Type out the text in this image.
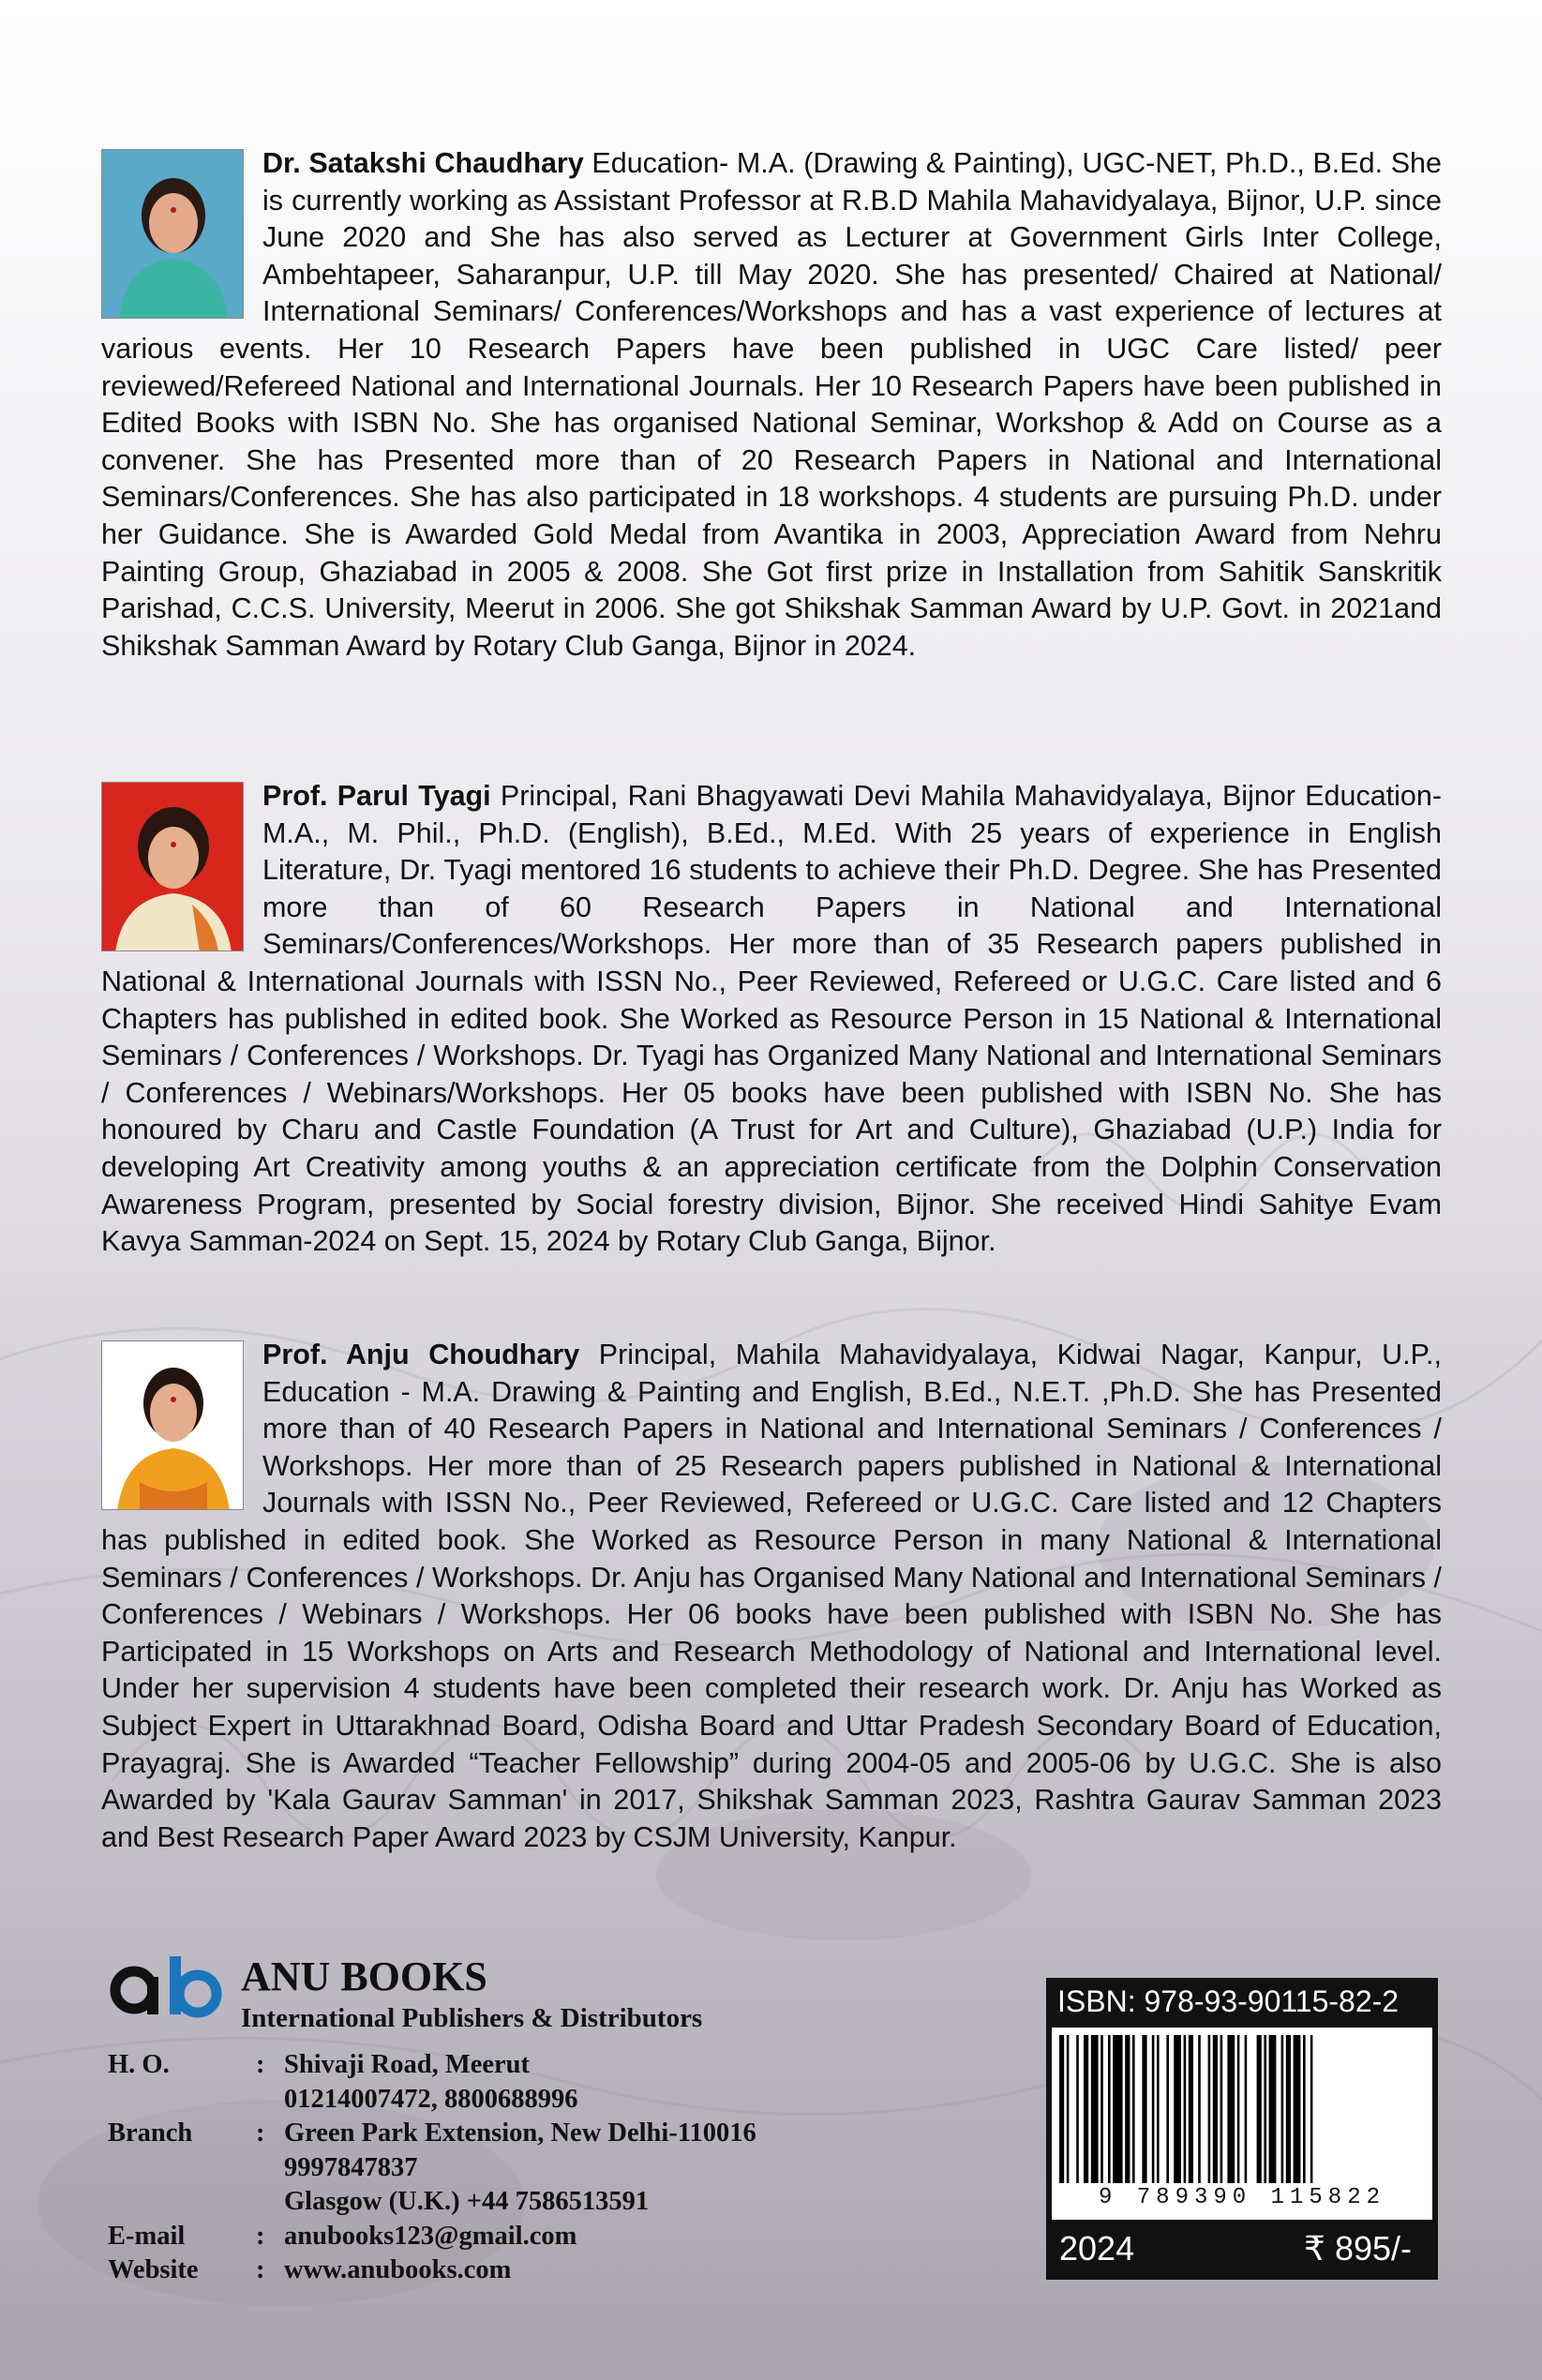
Dr. Satakshi Chaudhary Education- M.A. (Drawing & Painting), UGC-NET, Ph.D., B.Ed. She is currently working as Assistant Professor at R.B.D Mahila Mahavidyalaya, Bijnor, U.P. since June 2020 and She has also served as Lecturer at Government Girls Inter College, Ambehtapeer, Saharanpur, U.P. till May 2020. She has presented/ Chaired at National/ International Seminars/ Conferences/Workshops and has a vast experience of lectures at various events. Her 10 Research Papers have been published in UGC Care listed/ peer reviewed/Refereed National and International Journals. Her 10 Research Papers have been published in Edited Books with ISBN No. She has organised National Seminar, Workshop & Add on Course as a convener. She has Presented more than of 20 Research Papers in National and International Seminars/Conferences. She has also participated in 18 workshops. 4 students are pursuing Ph.D. under her Guidance. She is Awarded Gold Medal from Avantika in 2003, Appreciation Award from Nehru Painting Group, Ghaziabad in 2005 & 2008. She Got first prize in Installation from Sahitik Sanskritik Parishad, C.C.S. University, Meerut in 2006. She got Shikshak Samman Award by U.P. Govt. in 2021and Shikshak Samman Award by Rotary Club Ganga, Bijnor in 2024.
Prof. Parul Tyagi Principal, Rani Bhagyawati Devi Mahila Mahavidyalaya, Bijnor Education- M.A., M. Phil., Ph.D. (English), B.Ed., M.Ed. With 25 years of experience in English Literature, Dr. Tyagi mentored 16 students to achieve their Ph.D. Degree. She has Presented more than of 60 Research Papers in National and International Seminars/Conferences/Workshops. Her more than of 35 Research papers published in National & International Journals with ISSN No., Peer Reviewed, Refereed or U.G.C. Care listed and 6 Chapters has published in edited book. She Worked as Resource Person in 15 National & International Seminars / Conferences / Workshops. Dr. Tyagi has Organized Many National and International Seminars / Conferences / Webinars/Workshops. Her 05 books have been published with ISBN No. She has honoured by Charu and Castle Foundation (A Trust for Art and Culture), Ghaziabad (U.P.) India for developing Art Creativity among youths & an appreciation certificate from the Dolphin Conservation Awareness Program, presented by Social forestry division, Bijnor. She received Hindi Sahitye Evam Kavya Samman-2024 on Sept. 15, 2024 by Rotary Club Ganga, Bijnor.
Prof. Anju Choudhary Principal, Mahila Mahavidyalaya, Kidwai Nagar, Kanpur, U.P., Education - M.A. Drawing & Painting and English, B.Ed., N.E.T. ,Ph.D. She has Presented more than of 40 Research Papers in National and International Seminars / Conferences / Workshops. Her more than of 25 Research papers published in National & International Journals with ISSN No., Peer Reviewed, Refereed or U.G.C. Care listed and 12 Chapters has published in edited book. She Worked as Resource Person in many National & International Seminars / Conferences / Workshops. Dr. Anju has Organised Many National and International Seminars / Conferences / Webinars / Workshops. Her 06 books have been published with ISBN No. She has Participated in 15 Workshops on Arts and Research Methodology of National and International level. Under her supervision 4 students have been completed their research work. Dr. Anju has Worked as Subject Expert in Uttarakhnad Board, Odisha Board and Uttar Pradesh Secondary Board of Education, Prayagraj. She is Awarded “Teacher Fellowship” during 2004-05 and 2005-06 by U.G.C. She is also Awarded by 'Kala Gaurav Samman' in 2017, Shikshak Samman 2023, Rashtra Gaurav Samman 2023 and Best Research Paper Award 2023 by CSJM University, Kanpur.
ANU BOOKS
International Publishers & Distributors
H. O.	: Shivaji Road, Meerut
01214007472, 8800688996
Branch	: Green Park Extension, New Delhi-110016
9997847837
Glasgow (U.K.) +44 7586513591
E-mail	: anubooks123@gmail.com
Website	: www.anubooks.com
ISBN: 978-93-90115-82-2
9 789390 115822
2024	₹ 895/-
